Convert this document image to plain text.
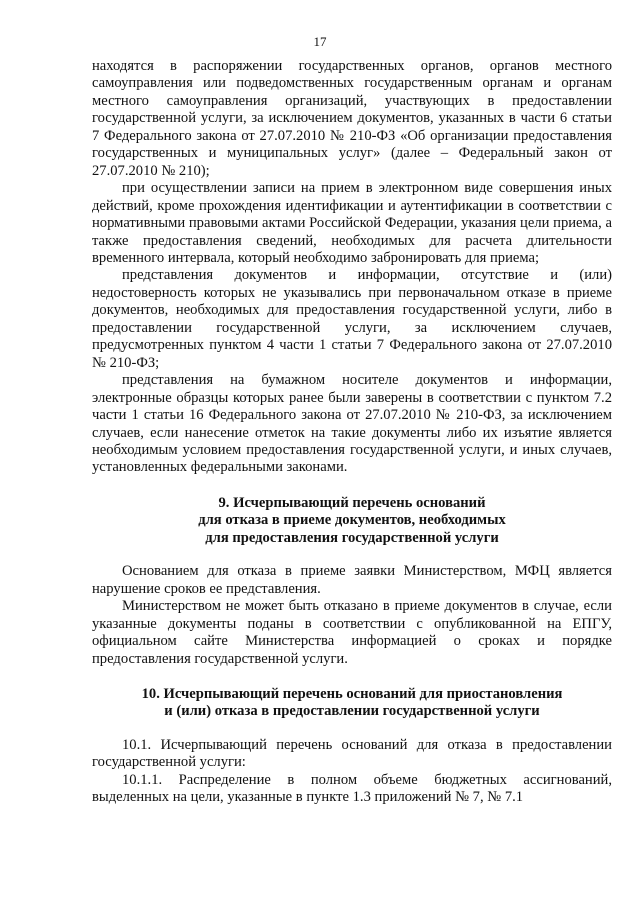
17

находятся в распоряжении государственных органов, органов местного самоуправления или подведомственных государственным органам и органам местного самоуправления организаций, участвующих в предоставлении государственной услуги, за исключением документов, указанных в части 6 статьи 7 Федерального закона от 27.07.2010 № 210-ФЗ «Об организации предоставления государственных и муниципальных услуг» (далее – Федеральный закон от 27.07.2010 № 210);

при осуществлении записи на прием в электронном виде совершения иных действий, кроме прохождения идентификации и аутентификации в соответствии с нормативными правовыми актами Российской Федерации, указания цели приема, а также предоставления сведений, необходимых для расчета длительности временного интервала, который необходимо забронировать для приема;

представления документов и информации, отсутствие и (или) недостоверность которых не указывались при первоначальном отказе в приеме документов, необходимых для предоставления государственной услуги, либо в предоставлении государственной услуги, за исключением случаев, предусмотренных пунктом 4 части 1 статьи 7 Федерального закона от 27.07.2010 № 210-ФЗ;

представления на бумажном носителе документов и информации, электронные образцы которых ранее были заверены в соответствии с пунктом 7.2 части 1 статьи 16 Федерального закона от 27.07.2010 № 210-ФЗ, за исключением случаев, если нанесение отметок на такие документы либо их изъятие является необходимым условием предоставления государственной услуги, и иных случаев, установленных федеральными законами.

9. Исчерпывающий перечень оснований
для отказа в приеме документов, необходимых
для предоставления государственной услуги

Основанием для отказа в приеме заявки Министерством, МФЦ является нарушение сроков ее представления.

Министерством не может быть отказано в приеме документов в случае, если указанные документы поданы в соответствии с опубликованной на ЕПГУ, официальном сайте Министерства информацией о сроках и порядке предоставления государственной услуги.

10. Исчерпывающий перечень оснований для приостановления
и (или) отказа в предоставлении государственной услуги

10.1. Исчерпывающий перечень оснований для отказа в предоставлении государственной услуги:

10.1.1. Распределение в полном объеме бюджетных ассигнований, выделенных на цели, указанные в пункте 1.3 приложений № 7, № 7.1
